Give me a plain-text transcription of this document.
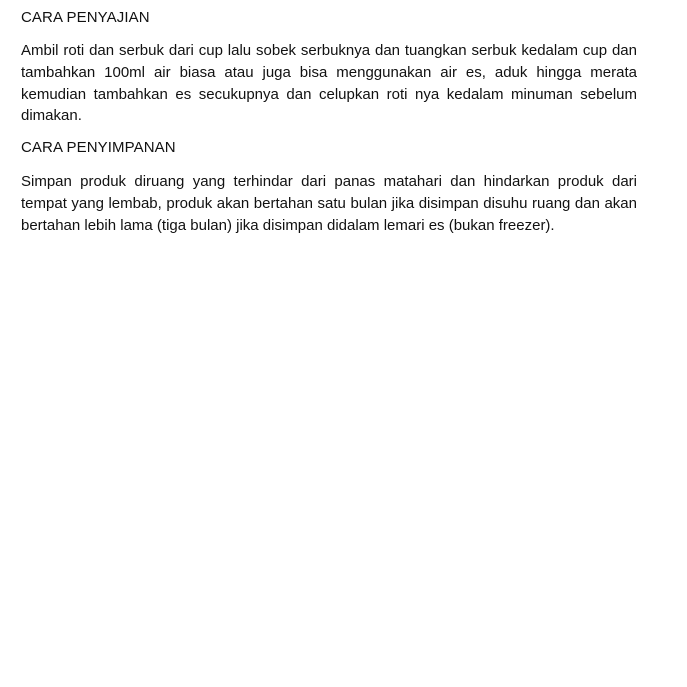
CARA PENYAJIAN

Ambil roti dan serbuk dari cup lalu sobek serbuknya dan tuangkan serbuk kedalam cup dan tambahkan 100ml air biasa atau juga bisa menggunakan air es, aduk hingga merata kemudian tambahkan es secukupnya dan celupkan roti nya kedalam minuman sebelum dimakan.

CARA PENYIMPANAN

Simpan produk diruang yang terhindar dari panas matahari dan hindarkan produk dari tempat yang lembab, produk akan bertahan satu bulan jika disimpan disuhu ruang dan akan bertahan lebih lama (tiga bulan) jika disimpan didalam lemari es (bukan freezer).
